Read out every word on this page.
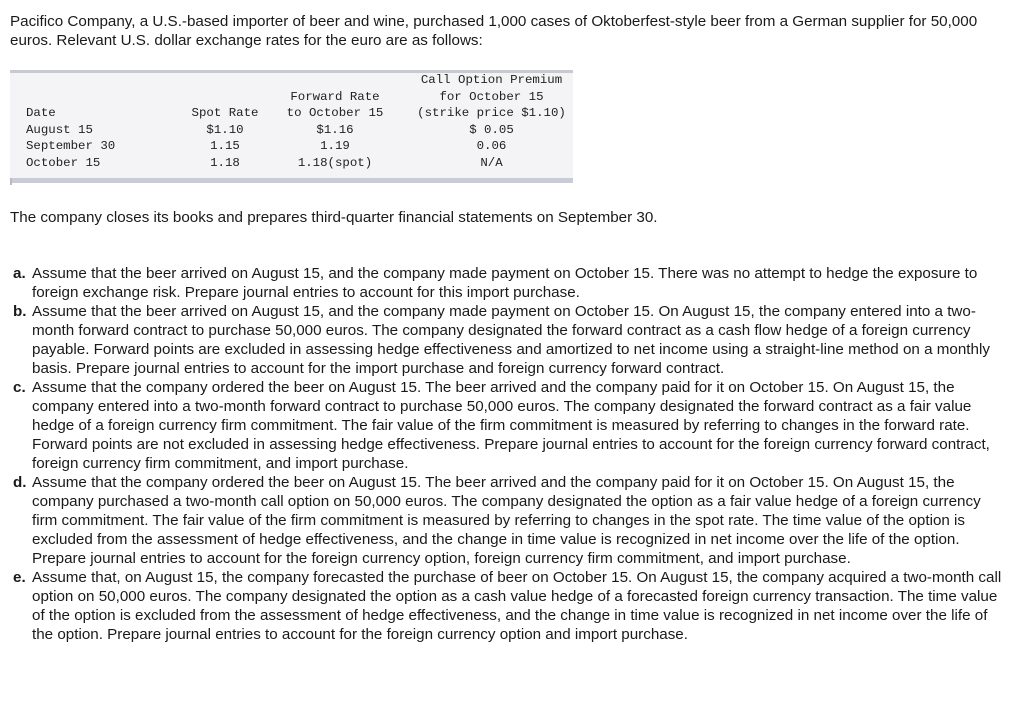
Pacifico Company, a U.S.-based importer of beer and wine, purchased 1,000 cases of Oktoberfest-style beer from a German supplier for 50,000 euros. Relevant U.S. dollar exchange rates for the euro are as follows:

			Call Option Premium
		Forward Rate	for October 15
Date	Spot Rate	to October 15	(strike price $1.10)
August 15	$1.10	$1.16	$ 0.05
September 30	1.15	1.19	0.06
October 15	1.18	1.18(spot)	N/A

The company closes its books and prepares third-quarter financial statements on September 30.

a. Assume that the beer arrived on August 15, and the company made payment on October 15. There was no attempt to hedge the exposure to foreign exchange risk. Prepare journal entries to account for this import purchase.
b. Assume that the beer arrived on August 15, and the company made payment on October 15. On August 15, the company entered into a two-month forward contract to purchase 50,000 euros. The company designated the forward contract as a cash flow hedge of a foreign currency payable. Forward points are excluded in assessing hedge effectiveness and amortized to net income using a straight-line method on a monthly basis. Prepare journal entries to account for the import purchase and foreign currency forward contract.
c. Assume that the company ordered the beer on August 15. The beer arrived and the company paid for it on October 15. On August 15, the company entered into a two-month forward contract to purchase 50,000 euros. The company designated the forward contract as a fair value hedge of a foreign currency firm commitment. The fair value of the firm commitment is measured by referring to changes in the forward rate. Forward points are not excluded in assessing hedge effectiveness. Prepare journal entries to account for the foreign currency forward contract, foreign currency firm commitment, and import purchase.
d. Assume that the company ordered the beer on August 15. The beer arrived and the company paid for it on October 15. On August 15, the company purchased a two-month call option on 50,000 euros. The company designated the option as a fair value hedge of a foreign currency firm commitment. The fair value of the firm commitment is measured by referring to changes in the spot rate. The time value of the option is excluded from the assessment of hedge effectiveness, and the change in time value is recognized in net income over the life of the option. Prepare journal entries to account for the foreign currency option, foreign currency firm commitment, and import purchase.
e. Assume that, on August 15, the company forecasted the purchase of beer on October 15. On August 15, the company acquired a two-month call option on 50,000 euros. The company designated the option as a cash value hedge of a forecasted foreign currency transaction. The time value of the option is excluded from the assessment of hedge effectiveness, and the change in time value is recognized in net income over the life of the option. Prepare journal entries to account for the foreign currency option and import purchase.
